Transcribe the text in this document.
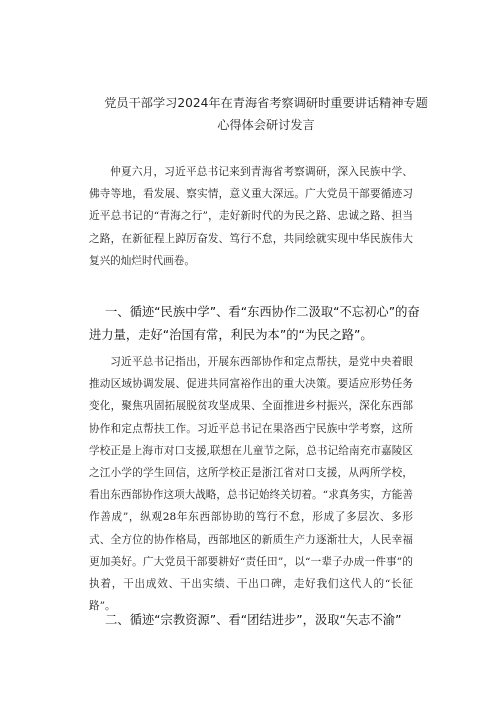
党员干部学习2024年在青海省考察调研时重要讲话精神专题
心得体会研讨发言

仲夏六月，习近平总书记来到青海省考察调研，深入民族中学、佛寺等地，看发展、察实情，意义重大深远。广大党员干部要循迹习近平总书记的“青海之行”，走好新时代的为民之路、忠诚之路、担当之路，在新征程上踔厉奋发、笃行不怠，共同绘就实现中华民族伟大复兴的灿烂时代画卷。

一、循迹“民族中学”、看“东西协作二汲取“不忘初心”的奋进力量，走好“治国有常，利民为本”的“为民之路”。

习近平总书记指出，开展东西部协作和定点帮扶，是党中央着眼推动区域协调发展、促进共同富裕作出的重大决策。要适应形势任务变化，聚焦巩固拓展脱贫攻坚成果、全面推进乡村振兴，深化东西部协作和定点帮扶工作。习近平总书记在果洛西宁民族中学考察，这所学校正是上海市对口支援,联想在儿童节之际，总书记给南充市嘉陵区之江小学的学生回信，这所学校正是浙江省对口支援，从两所学校，看出东西部协作这项大战略，总书记始终关切着。“求真务实，方能善作善成”，纵观28年东西部协助的笃行不怠，形成了多层次、多形式、全方位的协作格局，西部地区的新质生产力逐渐壮大，人民幸福更加美好。广大党员干部要耕好“责任田”，以“一辈子办成一件事”的执着，干出成效、干出实绩、干出口碑，走好我们这代人的“长征路”。

二、循迹“宗教资源”、看“团结进步”，汲取“矢志不渝”
